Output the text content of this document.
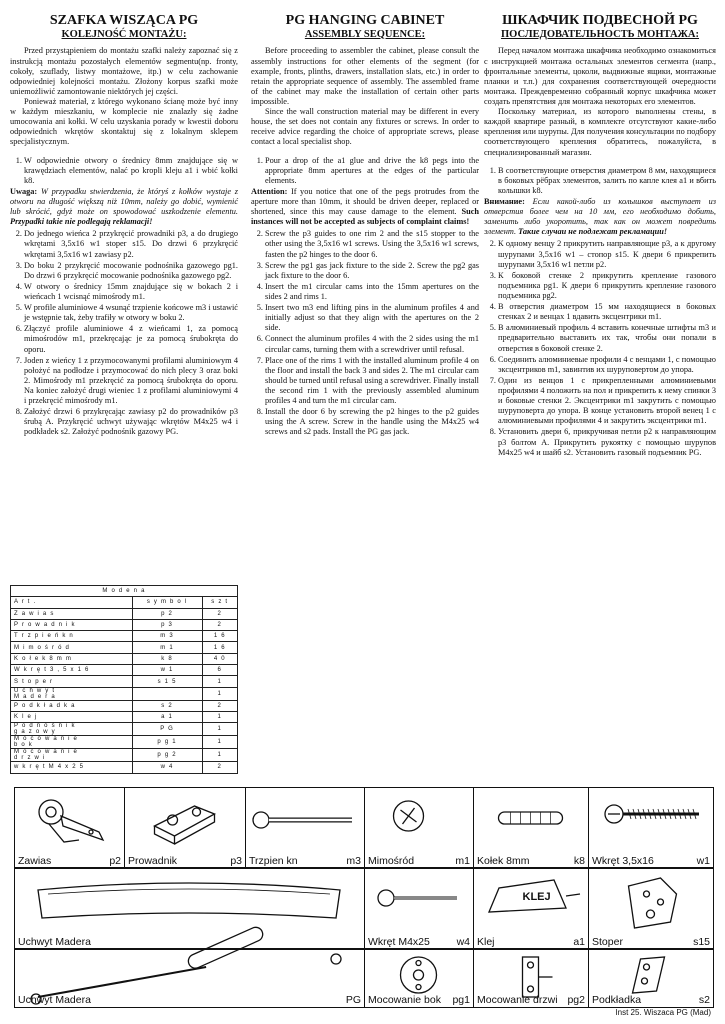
SZAFKA WISZĄCA PG
KOLEJNOŚĆ MONTAŻU:

Przed przystąpieniem do montażu szafki należy zapoznać się z instrukcją montażu pozostałych elementów segmentu(np. fronty, cokoły, szuflady, listwy montażowe, itp.) w celu zachowanie odpowiedniej kolejności montażu. Złożony korpus szafki może uniemożliwić zamontowanie niektórych jej części.

Ponieważ materiał, z którego wykonano ścianę może być inny w każdym mieszkaniu, w komplecie nie znalazły się żadne umocowania ani kołki. W celu uzyskania porady w kwestii doboru odpowiednich wkrętów skontaktuj się z lokalnym sklepem specjalistycznym.

1. W odpowiednie otwory o średnicy 8mm znajdujące się w krawędziach elementów, nalać po kropli kleju a1 i wbić kołki k8.
Uwaga: W przypadku stwierdzenia, że któryś z kołków wystaje z otworu na długość większą niż 10mm, należy go dobić, wymienić lub skrócić, gdyż może on spowodować uszkodzenie elementu. Przypadki takie nie podlegają reklamacji!
2. Do jednego wieńca 2 przykręcić prowadniki p3, a do drugiego wkrętami 3,5x16 w1 stoper s15. Do drzwi 6 przykręcić wkrętami 3,5x16 w1 zawiasy p2.
3. Do boku 2 przykręcić mocowanie podnośnika gazowego pg1. Do drzwi 6 przykręcić mocowanie podnośnika gazowego pg2.
4. W otwory o średnicy 15mm znajdujące się w bokach 2 i wieńcach 1 wcisnąć mimośrody m1.
5. W profile aluminiowe 4 wsunąć trzpienie końcowe m3 i ustawić je wstępnie tak, żeby trafiły w otwory w boku 2.
6. Złączyć profile aluminiowe 4 z wieńcami 1, za pomocą mimośrodów m1, przekręcając je za pomocą śrubokręta do oporu.
7. Joden z wieńcy 1 z przymocowanymi profilami aluminiowym 4 położyć na podłodze i przymocować do nich plecy 3 oraz boki 2. Mimośrody m1 przekręcić za pomocą śrubokręta do oporu. Na koniec założyć drugi wieniec 1 z profilami aluminiowymi 4 i przekręcić mimośrody m1.
8. Założyć drzwi 6 przykręcając zawiasy p2 do prowadników p3 śrubą A. Przykręcić uchwyt używając wkrętów M4x25 w4 i podkładek s2. Założyć podnośnik gazowy PG.
PG HANGING CABINET
ASSEMBLY SEQUENCE:

Before proceeding to assembler the cabinet, please consult the assembly instructions for other elements of the segment (for example, fronts, plinths, drawers, installation slats, etc.) in order to retain the appropriate sequence of assembly. The assembled frame of the cabinet may make the installation of certain other parts impossible.

Since the wall construction material may be different in every house, the set does not contain any fixtures or screws. In order to receive advice regarding the choice of appropriate screws, please contact a local specialist shop.

1. Pour a drop of the a1 glue and drive the k8 pegs into the appropriate 8mm apertures at the edges of the particular elements.
Attention: If you notice that one of the pegs protrudes from the aperture more than 10mm, it should be driven deeper, replaced or shortened, since this may cause damage to the element. Such instances will not be accepted as subjects of complaint claims!
2. Screw the p3 guides to one rim 2 and the s15 stopper to the other using the 3,5x16 w1 screws. Using the 3,5x16 w1 screws, fasten the p2 hinges to the door 6.
3. Screw the pg1 gas jack fixture to the side 2. Screw the pg2 gas jack fixture to the door 6.
4. Insert the m1 circular cams into the 15mm apertures on the sides 2 and rims 1.
5. Insert two m3 end lifting pins in the aluminum profiles 4 and initially adjust so that they align with the apertures on the 2 side.
6. Connect the aluminum profiles 4 with the 2 sides using the m1 circular cams, turning them with a screwdriver until refusal.
7. Place one of the rims 1 with the installed aluminum profile 4 on the floor and install the back 3 and sides 2. The m1 circular cam should be turned until refusal using a screwdriver. Finally install the second rim 1 with the previously assembled aluminum profiles 4 and turn the m1 circular cam.
8. Install the door 6 by screwing the p2 hinges to the p2 guides using the A screw. Screw in the handle using the M4x25 w4 screws and s2 pads. Install the PG gas jack.
ШКАФЧИК ПОДВЕСНОЙ PG
ПОСЛЕДОВАТЕЛЬНОСТЬ МОНТАЖА:

Перед началом монтажа шкафчика необходимо ознакомиться с инструкцией монтажа остальных элементов сегмента (напр., фронтальные элементы, цоколи, выдвижные ящики, монтажные планки и т.п.) для сохранения соответствующей очередности монтажа. Преждевременно собранный корпус шкафчика может создать препятствия для монтажа некоторых его элементов.

Поскольку материал, из которого выполнены стены, в каждой квартире разный, в комплекте отсутствуют какие-либо крепления или шурупы. Для получения консультации по подбору соответствующего крепления обратитесь, пожалуйста, в специализированный магазин.

1. В соответствующие отверстия диаметром 8 мм, находящиеся в боковых рёбрах элементов, залить по капле клея a1 и вбить колышки k8.
Внимание: Если какой-либо из колышков выступает из отверстия более чем на 10 мм, его необходимо добить, заменить либо укоротить, так как он может повредить элемент. Такие случаи не подлежат рекламации!
2. К одному венцу 2 прикрутить направляющие p3, а к другому шурупами 3,5x16 w1 – стопор s15. К двери 6 прикрепить шурупами 3,5x16 w1 петли p2.
3. К боковой стенке 2 прикрутить крепление газового подъемника pg1. К двери 6 прикрутить крепление газового подъемника pg2.
4. В отверстия диаметром 15 мм находящиеся в боковых стенках 2 и венцах 1 вдавить эксцентрики m1.
5. В алюминиевый профиль 4 вставить конечные штифты m3 и предварительно выставить их так, чтобы они попали в отверстия в боковой стенке 2.
6. Соединить алюминиевые профили 4 с венцами 1, с помощью эксцентриков m1, завинтив их шуруповертом до упора.
7. Один из венцов 1 с прикрепленными алюминиевыми профилями 4 положить на пол и прикрепить к нему спинки 3 и боковые стенки 2. Эксцентрики m1 закрутить с помощью шуруповерта до упора. В конце установить второй венец 1 с алюминиевыми профилями 4 и закрутить эксцентрики m1.
8. Установить двери 6, прикручивая петли p2 к направляющим p3 болтом A. Прикрутить рукоятку с помощью шурупов M4x25 w4 и шайб s2. Установить газовый подъемник PG.
M o d e n a		
A r t .	s y m b o l	s z t
Z a w i a s	p 2	2
P r o w a d n i k	p 3	2
T r z p i e ń k n	m 3	1 6
M i m o ś r ó d	m 1	1 6
K o ł e k 8 m m	k 8	4 0
W k r ę t 3 , 5 x 1 6	w 1	6
S t o p e r	s 1 5	1
U c h w y t
M a d e r a		1
P o d k ł a d k a	s 2	2
K l e j	a 1	1
P o d n o ś n i k
g a z o w y	P G	1
M o c o w a n i e
b o k	p g 1	1
M o c o w a n i e
d r z w i	p g 2	1
w k r ę t M 4 x 2 5	w 4	2
Zawias	p2 Prowadnik	p3 Trzpien kn	m3 Mimośród	m1 Kołek 8mm	k8 Wkręt 3,5x16	w1
Uchwyt Madera	Wkręt M4x25	w4
KLEJ
Klej	a1 Stoper	s15
Uchwyt Madera	PG Mocowanie bok pg1 Mocowanie drzwi pg2 Podkładka	s2
Inst 25. Wiszaca PG (Mad)
